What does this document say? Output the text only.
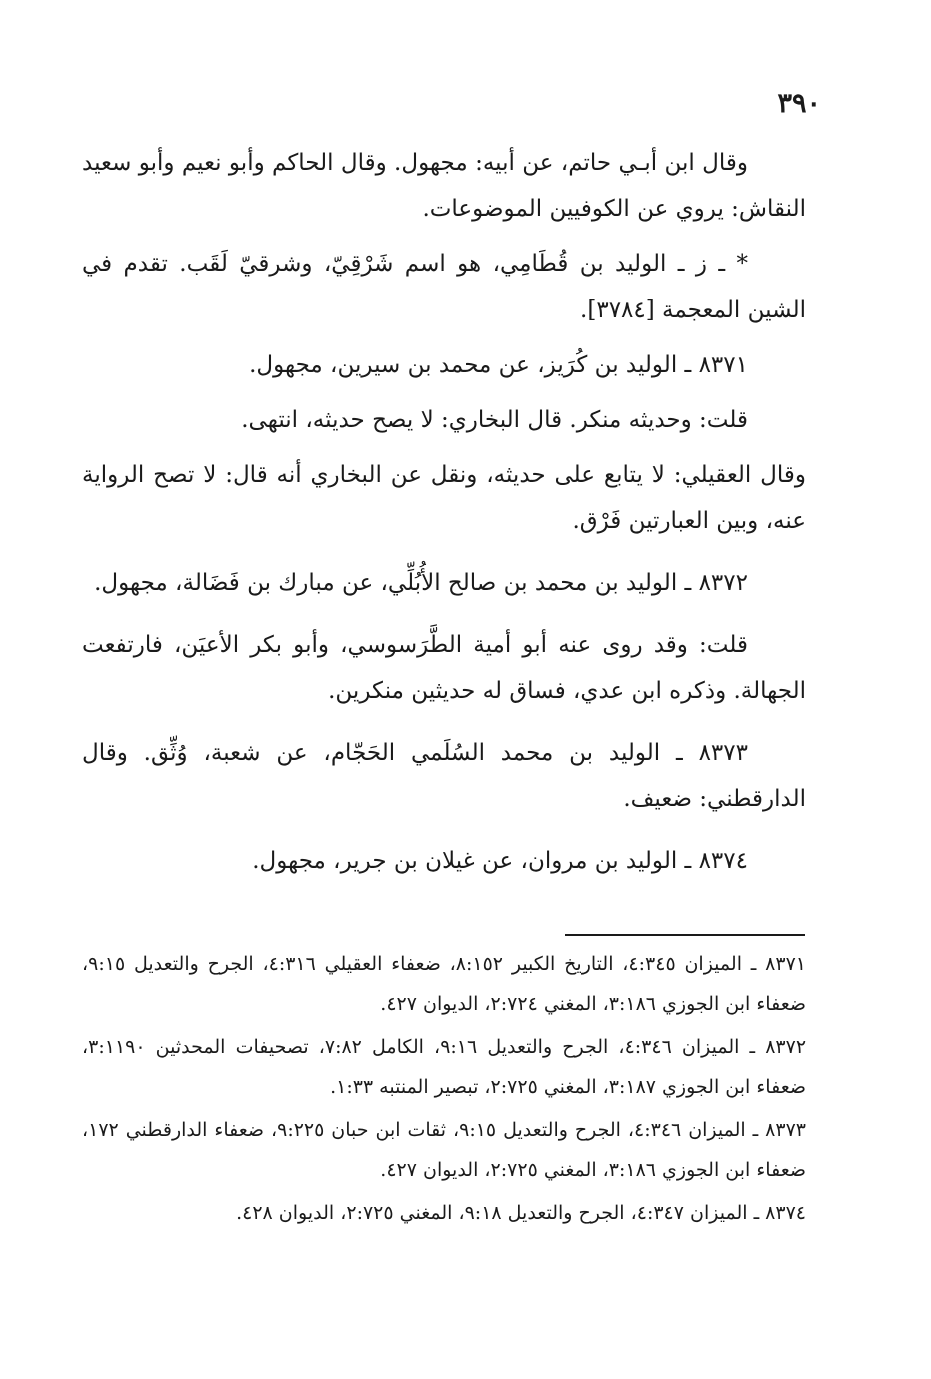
٣٩٠

وقال ابن أبـي حاتم، عن أبيه: مجهول. وقال الحاكم وأبو نعيم وأبو سعيد النقاش: يروي عن الكوفيين الموضوعات.

* ـ ز ـ الوليد بن قُطَامِي، هو اسم شَرْقِيّ، وشرقيّ لَقَب. تقدم في الشين المعجمة [٣٧٨٤].

٨٣٧١ ـ الوليد بن كُرَيز، عن محمد بن سيرين، مجهول.

قلت: وحديثه منكر. قال البخاري: لا يصح حديثه، انتهى.

وقال العقيلي: لا يتابع على حديثه، ونقل عن البخاري أنه قال: لا تصح الرواية عنه، وبين العبارتين فَرْق.

٨٣٧٢ ـ الوليد بن محمد بن صالح الأُبُلِّي، عن مبارك بن فَضَالة، مجهول.

قلت: وقد روى عنه أبو أمية الطَّرَسوسي، وأبو بكر الأعيَن، فارتفعت الجهالة. وذكره ابن عدي، فساق له حديثين منكرين.

٨٣٧٣ ـ الوليد بن محمد السُلَمي الحَجّام، عن شعبة، وُثِّق. وقال الدارقطني: ضعيف.

٨٣٧٤ ـ الوليد بن مروان، عن غيلان بن جرير، مجهول.

٨٣٧١ ـ الميزان ٤:٣٤٥، التاريخ الكبير ٨:١٥٢، ضعفاء العقيلي ٤:٣١٦، الجرح والتعديل ٩:١٥، ضعفاء ابن الجوزي ٣:١٨٦، المغني ٢:٧٢٤، الديوان ٤٢٧.

٨٣٧٢ ـ الميزان ٤:٣٤٦، الجرح والتعديل ٩:١٦، الكامل ٧:٨٢، تصحيفات المحدثين ٣:١١٩٠، ضعفاء ابن الجوزي ٣:١٨٧، المغني ٢:٧٢٥، تبصير المنتبه ١:٣٣.

٨٣٧٣ ـ الميزان ٤:٣٤٦، الجرح والتعديل ٩:١٥، ثقات ابن حبان ٩:٢٢٥، ضعفاء الدارقطني ١٧٢، ضعفاء ابن الجوزي ٣:١٨٦، المغني ٢:٧٢٥، الديوان ٤٢٧.

٨٣٧٤ ـ الميزان ٤:٣٤٧، الجرح والتعديل ٩:١٨، المغني ٢:٧٢٥، الديوان ٤٢٨.
